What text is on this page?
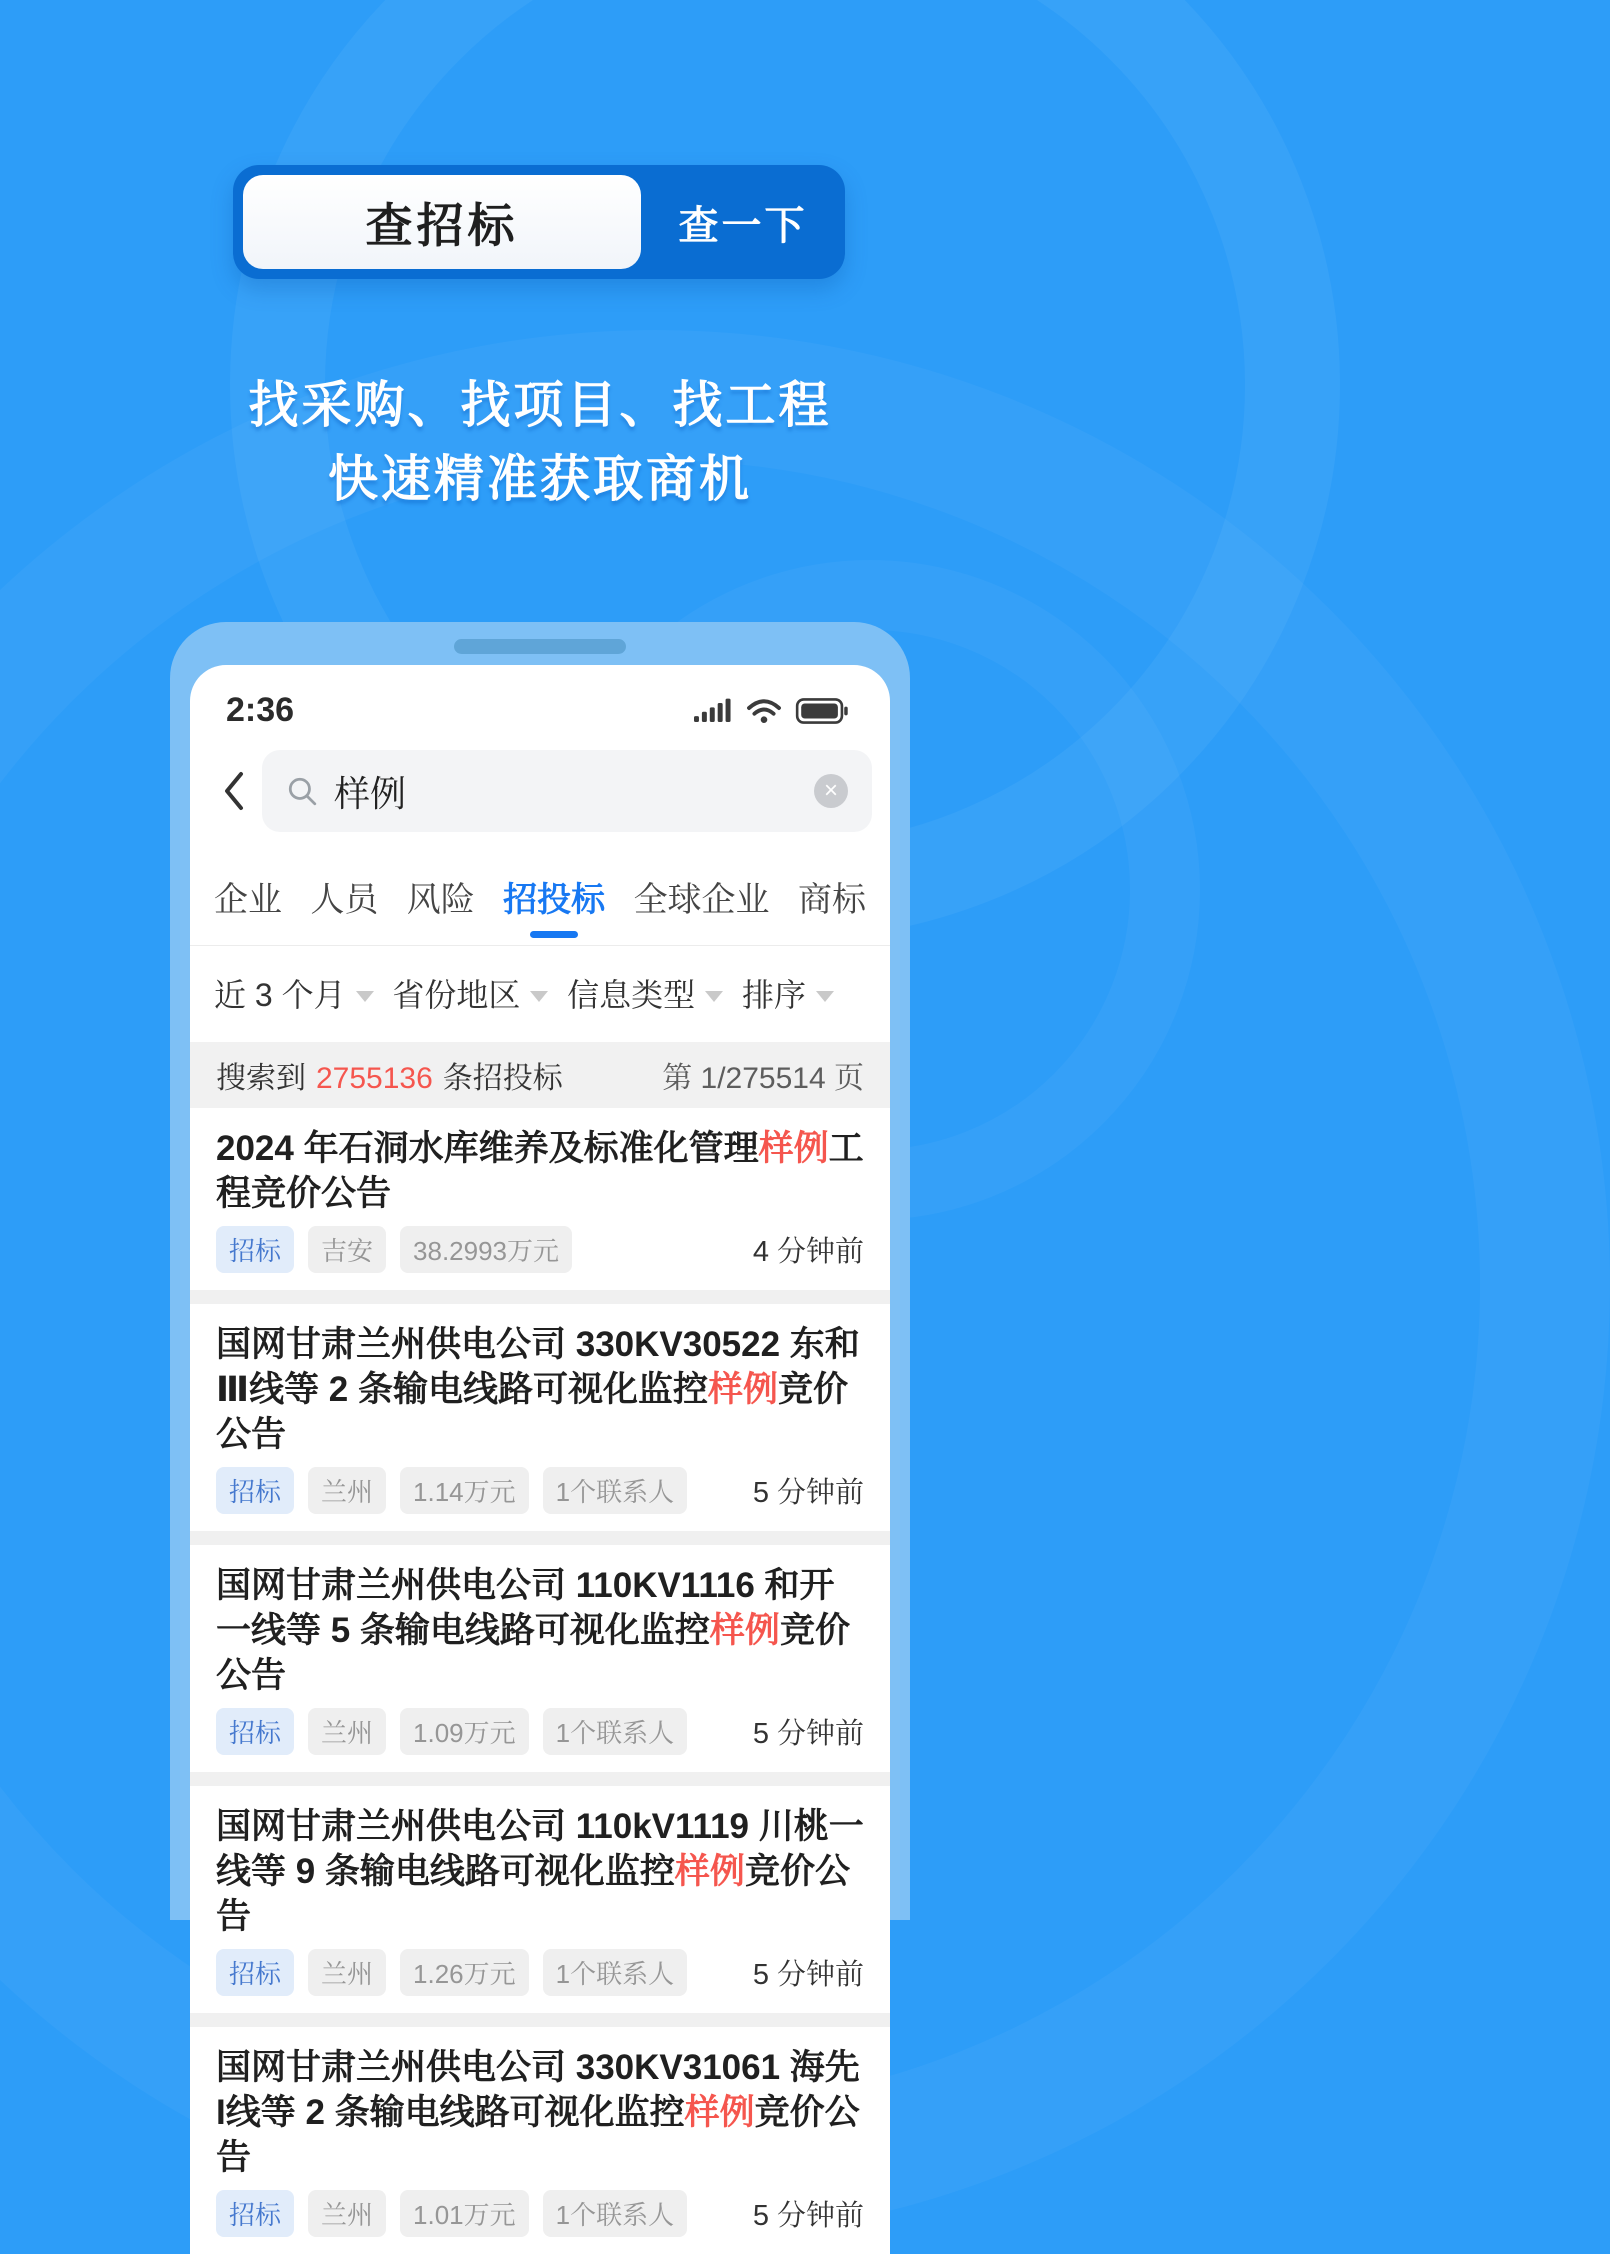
查招标	查一下
找采购、找项目、找工程
快速精准获取商机
2:36
样例
×
企业 人员 风险 招投标 全球企业 商标
近 3 个月 省份地区 信息类型 排序
搜索到 2755136 条招投标	第 1/275514 页
2024 年石洞水库维养及标准化管理样例工程竞价公告
招标	吉安	38.2993万元	4 分钟前
国网甘肃兰州供电公司 330KV30522 东和Ⅲ线等 2 条输电线路可视化监控样例竞价公告
招标	兰州	1.14万元	1个联系人	5 分钟前
国网甘肃兰州供电公司 110KV1116 和开一线等 5 条输电线路可视化监控样例竞价公告
招标	兰州	1.09万元	1个联系人	5 分钟前
国网甘肃兰州供电公司 110kV1119 川桃一线等 9 条输电线路可视化监控样例竞价公告
招标	兰州	1.26万元	1个联系人	5 分钟前
国网甘肃兰州供电公司 330KV31061 海先I线等 2 条输电线路可视化监控样例竞价公告
招标	兰州	1.01万元	1个联系人	5 分钟前
